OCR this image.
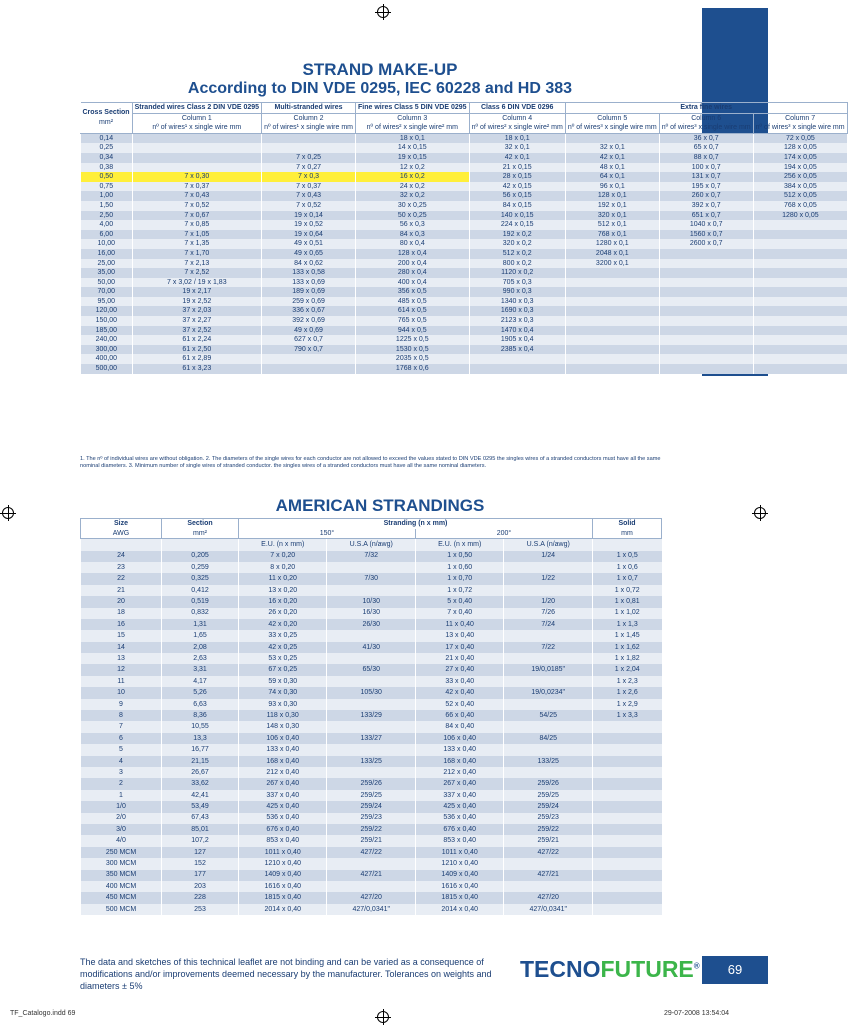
STRAND MAKE-UP
According to DIN VDE 0295, IEC 60228 and HD 383
Cross Section
mm²	Stranded wires Class 2 DIN VDE 0295	Multi-stranded wires	Fine wires Class 5 DIN VDE 0295	Class 6 DIN VDE 0296	Extra fine wires		
	Column 1
nº of wires¹ x single wire mm	Column 2
nº of wires¹ x single wire mm	Column 3
nº of wires² x single wire² mm	Column 4
nº of wires² x single wire² mm	Column 5
nº of wires³ x single wire mm	Column 6
nº of wires³ x single wire mm	Column 7
nº of wires³ x single wire mm

0,14			18 x 0,1	18 x 0,1		36 x 0,7	72 x 0,05
0,25			14 x 0,15	32 x 0,1	32 x 0,1	65 x 0,7	128 x 0,05
0,34		7 x 0,25	19 x 0,15	42 x 0,1	42 x 0,1	88 x 0,7	174 x 0,05
0,38		7 x 0,27	12 x 0,2	21 x 0,15	48 x 0,1	100 x 0,7	194 x 0,05
0,50	7 x 0,30	7 x 0,3	16 x 0,2	28 x 0,15	64 x 0,1	131 x 0,7	256 x 0,05
0,75	7 x 0,37	7 x 0,37	24 x 0,2	42 x 0,15	96 x 0,1	195 x 0,7	384 x 0,05
1,00	7 x 0,43	7 x 0,43	32 x 0,2	56 x 0,15	128 x 0,1	260 x 0,7	512 x 0,05
1,50	7 x 0,52	7 x 0,52	30 x 0,25	84 x 0,15	192 x 0,1	392 x 0,7	768 x 0,05
2,50	7 x 0,67	19 x 0,14	50 x 0,25	140 x 0,15	320 x 0,1	651 x 0,7	1280 x 0,05
4,00	7 x 0,85	19 x 0,52	56 x 0,3	224 x 0,15	512 x 0,1	1040 x 0,7	
6,00	7 x 1,05	19 x 0,64	84 x 0,3	192 x 0,2	768 x 0,1	1560 x 0,7	
10,00	7 x 1,35	49 x 0,51	80 x 0,4	320 x 0,2	1280 x 0,1	2600 x 0,7	
16,00	7 x 1,70	49 x 0,65	128 x 0,4	512 x 0,2	2048 x 0,1		
25,00	7 x 2,13	84 x 0,62	200 x 0,4	800 x 0,2	3200 x 0,1		
35,00	7 x 2,52	133 x 0,58	280 x 0,4	1120 x 0,2			
50,00	7 x 3,02 / 19 x 1,83	133 x 0,69	400 x 0,4	705 x 0,3			
70,00	19 x 2,17	189 x 0,69	356 x 0,5	990 x 0,3			
95,00	19 x 2,52	259 x 0,69	485 x 0,5	1340 x 0,3			
120,00	37 x 2,03	336 x 0,67	614 x 0,5	1690 x 0,3			
150,00	37 x 2,27	392 x 0,69	765 x 0,5	2123 x 0,3			
185,00	37 x 2,52	49 x 0,69	944 x 0,5	1470 x 0,4			
240,00	61 x 2,24	627 x 0,7	1225 x 0,5	1905 x 0,4			
300,00	61 x 2,50	790 x 0,7	1530 x 0,5	2385 x 0,4			
400,00	61 x 2,89		2035 x 0,5				
500,00	61 x 3,23		1768 x 0,6				
1. The nº of individual wires are without obligation. 2. The diameters of the single wires for each conductor are not allowed to exceed the values stated to DIN VDE 0295 the singles wires of a stranded conductors must have all the same nominal diameters. 3. Minimum number of single wires of stranded conductor. the singles wires of a stranded conductors must have all the same nominal diameters.
AMERICAN STRANDINGS
Size
AWG	Section
mm²	Stranding (n x mm)				Solid
mm
		150°		200°		
		E.U. (n x mm)	U.S.A (n/awg)	E.U. (n x mm)	U.S.A (n/awg)	
24	0,205	7 x 0,20	7/32	1 x 0,50	1/24	1 x 0,5
23	0,259	8 x 0,20		1 x 0,60		1 x 0,6
22	0,325	11 x 0,20	7/30	1 x 0,70	1/22	1 x 0,7
21	0,412	13 x 0,20		1 x 0,72		1 x 0,72
20	0,519	16 x 0,20	10/30	5 x 0,40	1/20	1 x 0,81
18	0,832	26 x 0,20	16/30	7 x 0,40	7/26	1 x 1,02
16	1,31	42 x 0,20	26/30	11 x 0,40	7/24	1 x 1,3
15	1,65	33 x 0,25		13 x 0,40		1 x 1,45
14	2,08	42 x 0,25	41/30	17 x 0,40	7/22	1 x 1,62
13	2,63	53 x 0,25		21 x 0,40		1 x 1,82
12	3,31	67 x 0,25	65/30	27 x 0,40	19/0,0185"	1 x 2,04
11	4,17	59 x 0,30		33 x 0,40		1 x 2,3
10	5,26	74 x 0,30	105/30	42 x 0,40	19/0,0234"	1 x 2,6
9	6,63	93 x 0,30		52 x 0,40		1 x 2,9
8	8,36	118 x 0,30	133/29	66 x 0,40	54/25	1 x 3,3
7	10,55	148 x 0,30		84 x 0,40		
6	13,3	106 x 0,40	133/27	106 x 0,40	84/25	
5	16,77	133 x 0,40		133 x 0,40		
4	21,15	168 x 0,40	133/25	168 x 0,40	133/25	
3	26,67	212 x 0,40		212 x 0,40		
2	33,62	267 x 0,40	259/26	267 x 0,40	259/26	
1	42,41	337 x 0,40	259/25	337 x 0,40	259/25	
1/0	53,49	425 x 0,40	259/24	425 x 0,40	259/24	
2/0	67,43	536 x 0,40	259/23	536 x 0,40	259/23	
3/0	85,01	676 x 0,40	259/22	676 x 0,40	259/22	
4/0	107,2	853 x 0,40	259/21	853 x 0,40	259/21	
250 MCM	127	1011 x 0,40	427/22	1011 x 0,40	427/22	
300 MCM	152	1210 x 0,40		1210 x 0,40		
350 MCM	177	1409 x 0,40	427/21	1409 x 0,40	427/21	
400 MCM	203	1616 x 0,40		1616 x 0,40		
450 MCM	228	1815 x 0,40	427/20	1815 x 0,40	427/20	
500 MCM	253	2014 x 0,40	427/0,0341"	2014 x 0,40	427/0,0341"	
The data and sketches of this technical leaflet are not binding and can be varied as a consequence of modifications and/or improvements deemed necessary by the manufacturer. Tolerances on weights and diameters ± 5%
TECNOFUTURE®	69
TF_Catalogo.indd 69	29-07-2008 13:54:04
